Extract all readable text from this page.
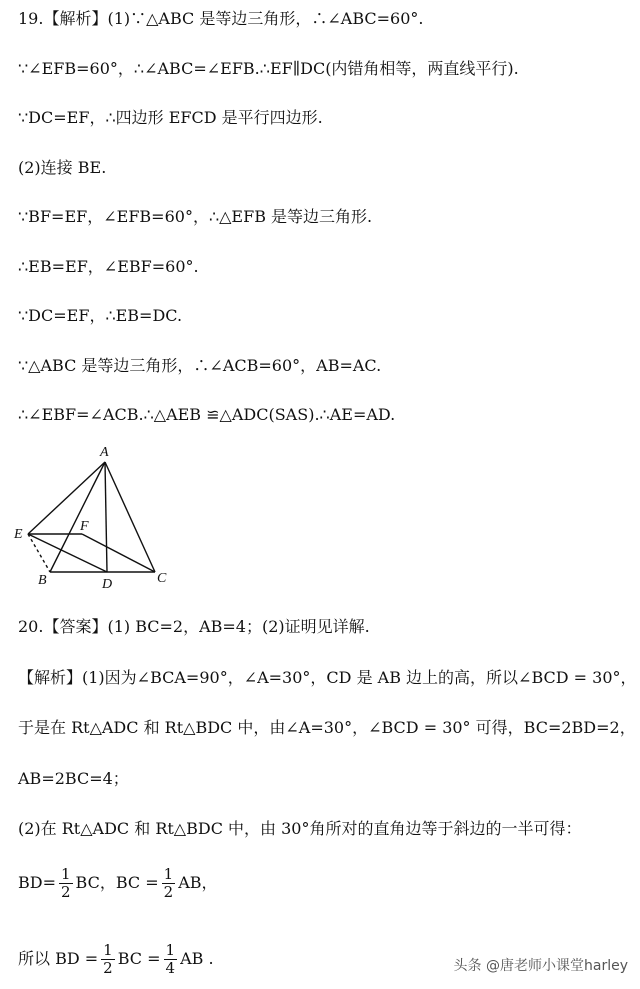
19.【解析】(1)∵△ABC 是等边三角形，∴∠ABC=60°.
∵∠EFB=60°，∴∠ABC=∠EFB.∴EF∥DC(内错角相等，两直线平行).
∵DC=EF，∴四边形 EFCD 是平行四边形.
(2)连接 BE.
∵BF=EF，∠EFB=60°，∴△EFB 是等边三角形.
∴EB=EF，∠EBF=60°.
∵DC=EF，∴EB=DC.
∵△ABC 是等边三角形，∴∠ACB=60°，AB=AC.
∴∠EBF=∠ACB.∴△AEB ≌△ADC(SAS).∴AE=AD.
A
E
F
B	D	C
20.【答案】(1) BC=2，AB=4；(2)证明见详解.
【解析】(1)因为∠BCA=90°，∠A=30°，CD 是 AB 边上的高，所以∠BCD = 30°，
于是在 Rt△ADC 和 Rt△BDC 中，由∠A=30°，∠BCD = 30° 可得，BC=2BD=2，
AB=2BC=4；
(2)在 Rt△ADC 和 Rt△BDC 中，由 30°角所对的直角边等于斜边的一半可得：
$BD= \frac{1}{2}$ BC，BC = $\frac{1}{2}$ AB，
所以 BD = $\frac{1}{2}$ BC = $\frac{1}{4}$ AB .	头条 @唐老师小课堂harley
